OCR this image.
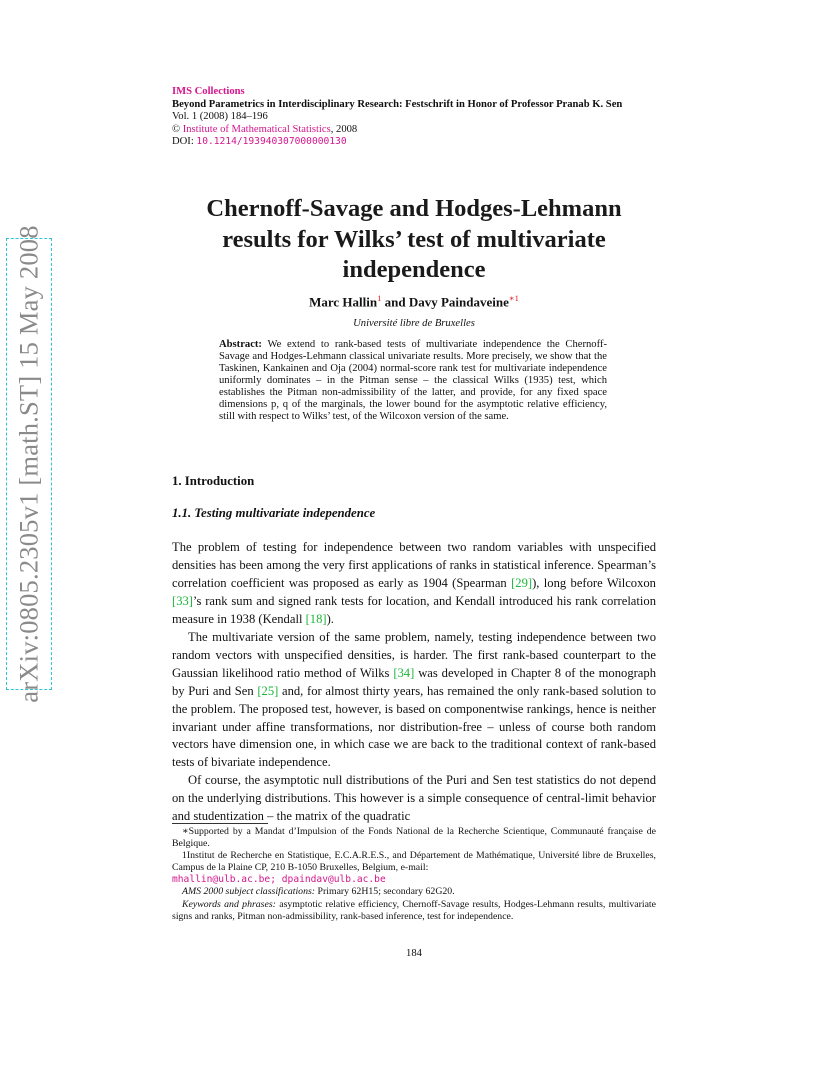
arXiv:0805.2305v1 [math.ST] 15 May 2008
IMS Collections
Beyond Parametrics in Interdisciplinary Research: Festschrift in Honor of Professor Pranab K. Sen
Vol. 1 (2008) 184–196
© Institute of Mathematical Statistics, 2008
DOI: 10.1214/193940307000000130
Chernoff-Savage and Hodges-Lehmann results for Wilks’ test of multivariate independence
Marc Hallin$^1$ and Davy Paindaveine$^{∗1}$
Université libre de Bruxelles
Abstract: We extend to rank-based tests of multivariate independence the Chernoff-Savage and Hodges-Lehmann classical univariate results. More precisely, we show that the Taskinen, Kankainen and Oja (2004) normal-score rank test for multivariate independence uniformly dominates – in the Pitman sense – the classical Wilks (1935) test, which establishes the Pitman non-admissibility of the latter, and provide, for any fixed space dimensions p, q of the marginals, the lower bound for the asymptotic relative efficiency, still with respect to Wilks’ test, of the Wilcoxon version of the same.
1. Introduction
1.1. Testing multivariate independence

The problem of testing for independence between two random variables with unspecified densities has been among the very first applications of ranks in statistical inference. Spearman’s correlation coefficient was proposed as early as 1904 (Spearman [29]), long before Wilcoxon [33]’s rank sum and signed rank tests for location, and Kendall introduced his rank correlation measure in 1938 (Kendall [18]).

The multivariate version of the same problem, namely, testing independence between two random vectors with unspecified densities, is harder. The first rank-based counterpart to the Gaussian likelihood ratio method of Wilks [34] was developed in Chapter 8 of the monograph by Puri and Sen [25] and, for almost thirty years, has remained the only rank-based solution to the problem. The proposed test, however, is based on componentwise rankings, hence is neither invariant under affine transformations, nor distribution-free – unless of course both random vectors have dimension one, in which case we are back to the traditional context of rank-based tests of bivariate independence.

Of course, the asymptotic null distributions of the Puri and Sen test statistics do not depend on the underlying distributions. This however is a simple consequence of central-limit behavior and studentization – the matrix of the quadratic

∗Supported by a Mandat d’Impulsion of the Fonds National de la Recherche Scientique, Communauté française de Belgique.

1Institut de Recherche en Statistique, E.C.A.R.E.S., and Département de Mathématique, Université libre de Bruxelles, Campus de la Plaine CP, 210 B-1050 Bruxelles, Belgium, e-mail:

mhallin@ulb.ac.be; dpaindav@ulb.ac.be

AMS 2000 subject classifications: Primary 62H15; secondary 62G20.

Keywords and phrases: asymptotic relative efficiency, Chernoff-Savage results, Hodges-Lehmann results, multivariate signs and ranks, Pitman non-admissibility, rank-based inference, test for independence.

184
